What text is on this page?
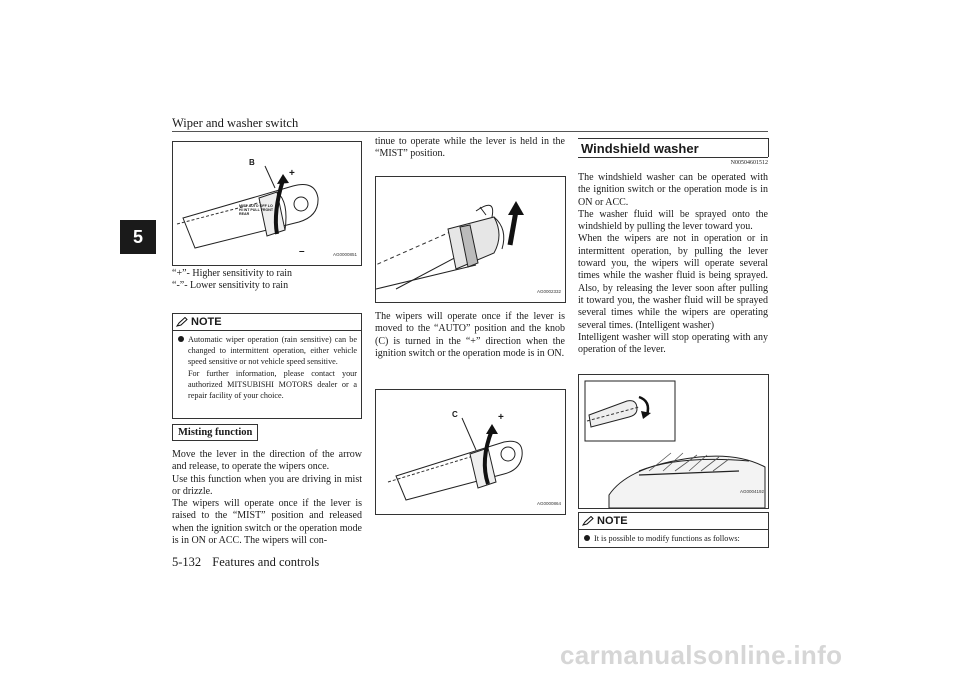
Wiper and washer switch
5
B
+
–
MIST AUTO OFF LO HI INT PULL FRONT REAR
AG0000851
“+”- Higher sensitivity to rain
“-”- Lower sensitivity to rain
NOTE
Automatic wiper operation (rain sensitive) can be changed to intermittent operation, either vehicle speed sensitive or not vehicle speed sensitive.
For further information, please contact your authorized MITSUBISHI MOTORS dealer or a repair facility of your choice.
Misting function
Move the lever in the direction of the arrow and release, to operate the wipers once.
Use this function when you are driving in mist or drizzle.
The wipers will operate once if the lever is raised to the “MIST” position and released when the ignition switch or the operation mode is in ON or ACC. The wipers will con-
tinue to operate while the lever is held in the “MIST” position.
AG0002332
The wipers will operate once if the lever is moved to the “AUTO” position and the knob (C) is turned in the “+” direction when the ignition switch or the operation mode is in ON.
C	+
AG0000864
Windshield washer
N00504601512
The windshield washer can be operated with the ignition switch or the operation mode is in ON or ACC.
The washer fluid will be sprayed onto the windshield by pulling the lever toward you.
When the wipers are not in operation or in intermittent operation, by pulling the lever toward you, the wipers will operate several times while the washer fluid is being sprayed. Also, by releasing the lever soon after pulling it toward you, the washer fluid will be sprayed several times while the wipers are operating several times. (Intelligent washer)
Intelligent washer will stop operating with any operation of the lever.
AG0004192
NOTE
It is possible to modify functions as follows:
5-132 Features and controls
carmanualsonline.info
